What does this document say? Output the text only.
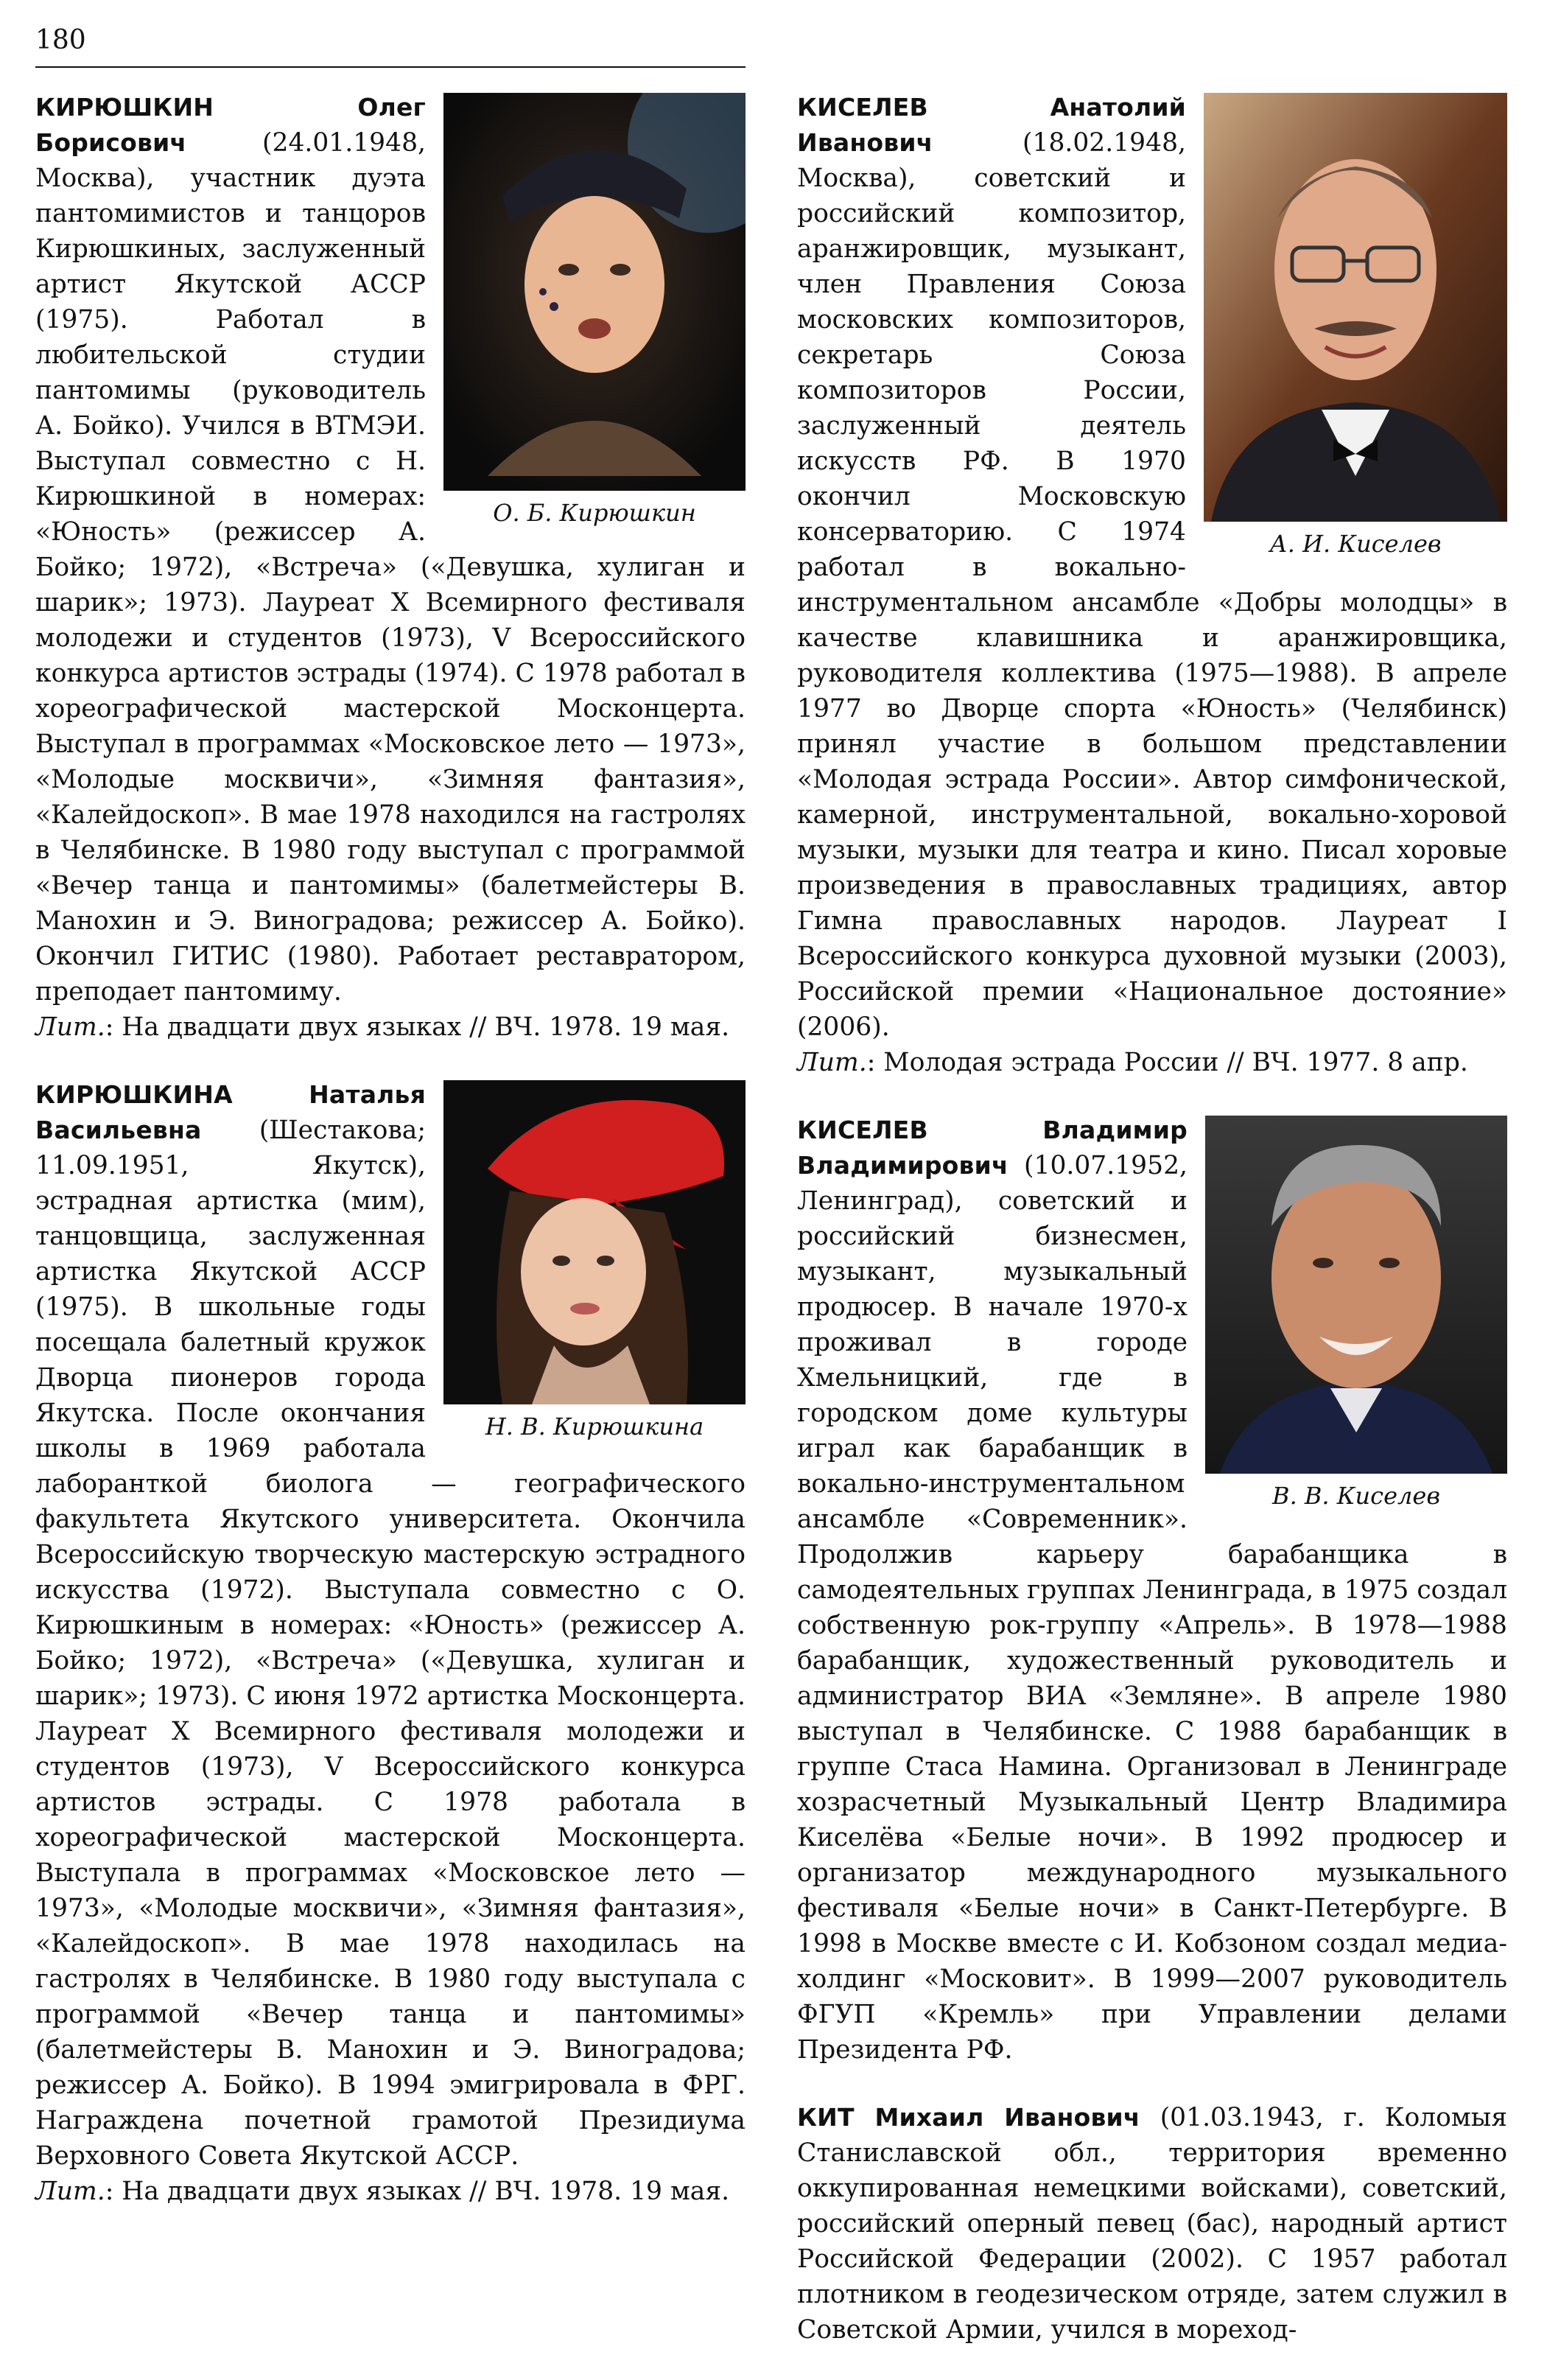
180
О. Б. Кирюшкин

КИРЮШКИН Олег Борисович (24.01.1948, Москва), участник дуэта пантомимистов и танцоров Кирюшкиных, заслуженный артист Якутской АССР (1975). Работал в любительской студии пантомимы (руководитель А. Бойко). Учился в ВТМЭИ. Выступал совместно с Н. Кирюшкиной в номерах: «Юность» (режиссер А. Бойко; 1972), «Встреча» («Девушка, хулиган и шарик»; 1973). Лауреат X Всемирного фестиваля молодежи и студентов (1973), V Всероссийского конкурса артистов эстрады (1974). С 1978 работал в хореографической мастерской Москонцерта. Выступал в программах «Московское лето — 1973», «Молодые москвичи», «Зимняя фантазия», «Калейдоскоп». В мае 1978 находился на гастролях в Челябинске. В 1980 году выступал с программой «Вечер танца и пантомимы» (балетмейстеры В. Манохин и Э. Виноградова; режиссер А. Бойко). Окончил ГИТИС (1980). Работает реставратором, преподает пантомиму.

Лит.: На двадцати двух языках // ВЧ. 1978. 19 мая.

Н. В. Кирюшкина

КИРЮШКИНА Наталья Васильевна (Шестакова; 11.09.1951, Якутск), эстрадная артистка (мим), танцовщица, заслуженная артистка Якутской АССР (1975). В школьные годы посещала балетный кружок Дворца пионеров города Якутска. После окончания школы в 1969 работала лаборанткой биолога — географического факультета Якутского университета. Окончила Всероссийскую творческую мастерскую эстрадного искусства (1972). Выступала совместно с О. Кирюшкиным в номерах: «Юность» (режиссер А. Бойко; 1972), «Встреча» («Девушка, хулиган и шарик»; 1973). С июня 1972 артистка Москонцерта. Лауреат X Всемирного фестиваля молодежи и студентов (1973), V Всероссийского конкурса артистов эстрады. С 1978 работала в хореографической мастерской Москонцерта. Выступала в программах «Московское лето — 1973», «Молодые москвичи», «Зимняя фантазия», «Калейдоскоп». В мае 1978 находилась на гастролях в Челябинске. В 1980 году выступала с программой «Вечер танца и пантомимы» (балетмейстеры В. Манохин и Э. Виноградова; режиссер А. Бойко). В 1994 эмигрировала в ФРГ. Награждена почетной грамотой Президиума Верховного Совета Якутской АССР.

Лит.: На двадцати двух языках // ВЧ. 1978. 19 мая.

А. И. Киселев

КИСЕЛЕВ Анатолий Иванович (18.02.1948, Москва), советский и российский композитор, аранжировщик, музыкант, член Правления Союза московских композиторов, секретарь Союза композиторов России, заслуженный деятель искусств РФ. В 1970 окончил Московскую консерваторию. С 1974 работал в вокально-инструментальном ансамбле «Добры молодцы» в качестве клавишника и аранжировщика, руководителя коллектива (1975—1988). В апреле 1977 во Дворце спорта «Юность» (Челябинск) принял участие в большом представлении «Молодая эстрада России». Автор симфонической, камерной, инструментальной, вокально-хоровой музыки, музыки для театра и кино. Писал хоровые произведения в православных традициях, автор Гимна православных народов. Лауреат I Всероссийского конкурса духовной музыки (2003), Российской премии «Национальное достояние» (2006).

Лит.: Молодая эстрада России // ВЧ. 1977. 8 апр.

В. В. Киселев

КИСЕЛЕВ Владимир Владимирович (10.07.1952, Ленинград), советский и российский бизнесмен, музыкант, музыкальный продюсер. В начале 1970-х проживал в городе Хмельницкий, где в городском доме культуры играл как барабанщик в вокально-инструментальном ансамбле «Современник». Продолжив карьеру барабанщика в самодеятельных группах Ленинграда, в 1975 создал собственную рок-группу «Апрель». В 1978—1988 барабанщик, художественный руководитель и администратор ВИА «Земляне». В апреле 1980 выступал в Челябинске. С 1988 барабанщик в группе Стаса Намина. Организовал в Ленинграде хозрасчетный Музыкальный Центр Владимира Киселёва «Белые ночи». В 1992 продюсер и организатор международного музыкального фестиваля «Белые ночи» в Санкт-Петербурге. В 1998 в Москве вместе с И. Кобзоном создал медиа-холдинг «Московит». В 1999—2007 руководитель ФГУП «Кремль» при Управлении делами Президента РФ.

КИТ Михаил Иванович (01.03.1943, г. Коломыя Станиславской обл., территория временно оккупированная немецкими войсками), советский, российский оперный певец (бас), народный артист Российской Федерации (2002). С 1957 работал плотником в геодезическом отряде, затем служил в Советской Армии, учился в мореход-
